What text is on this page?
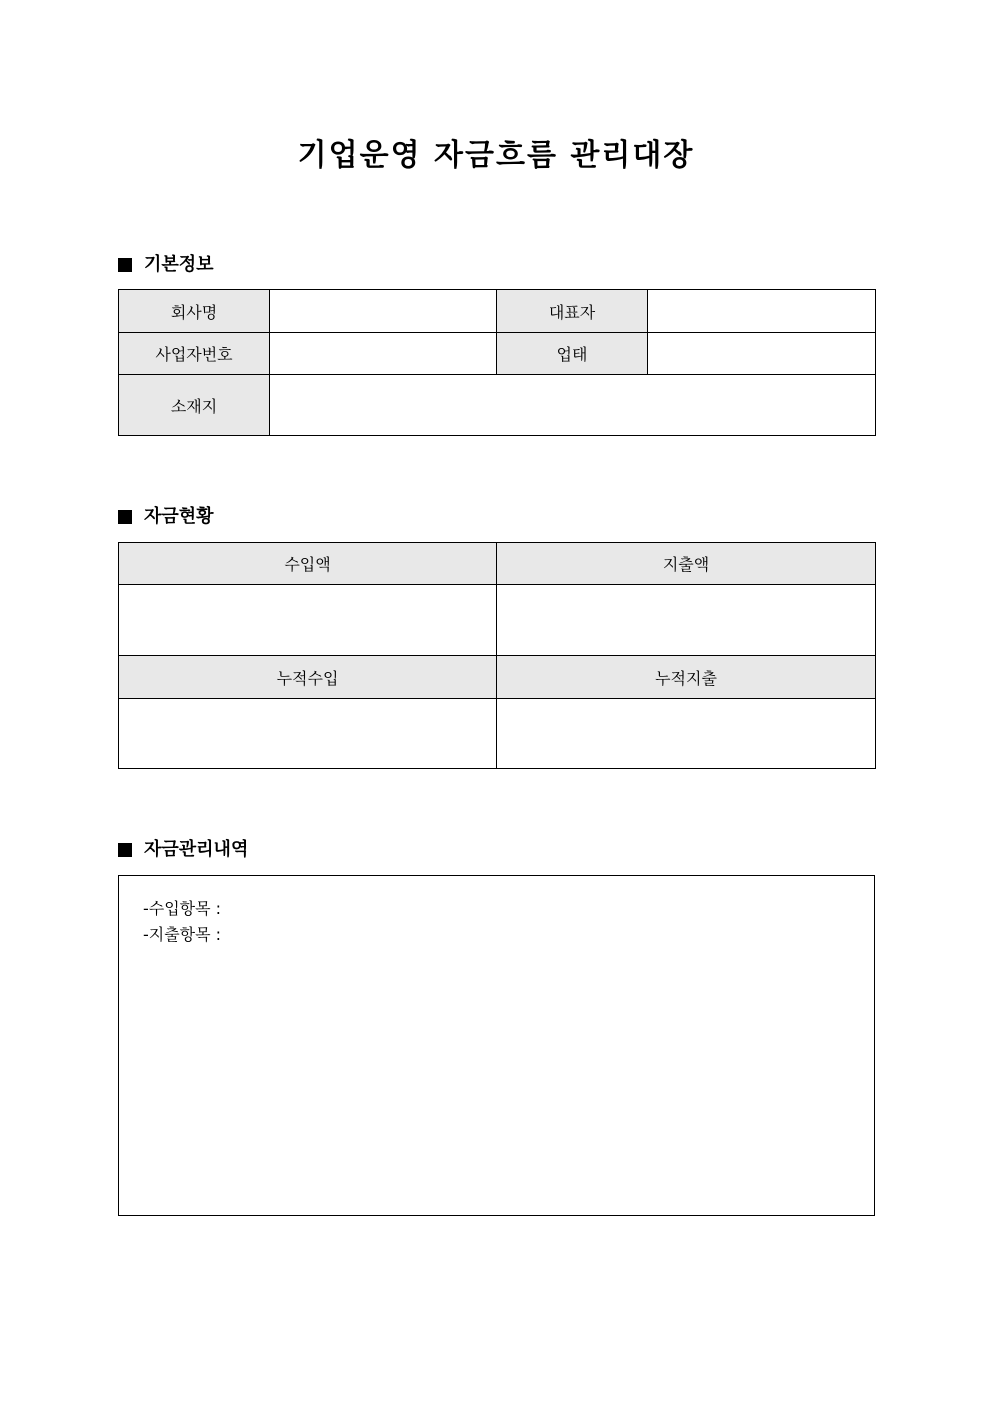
기업운영 자금흐름 관리대장
기본정보
회사명		대표자	
사업자번호		업태	
소재지			
자금현황
수입액	지출액

누적수입	누적지출

자금관리내역
-수입항목 :
-지출항목 :
